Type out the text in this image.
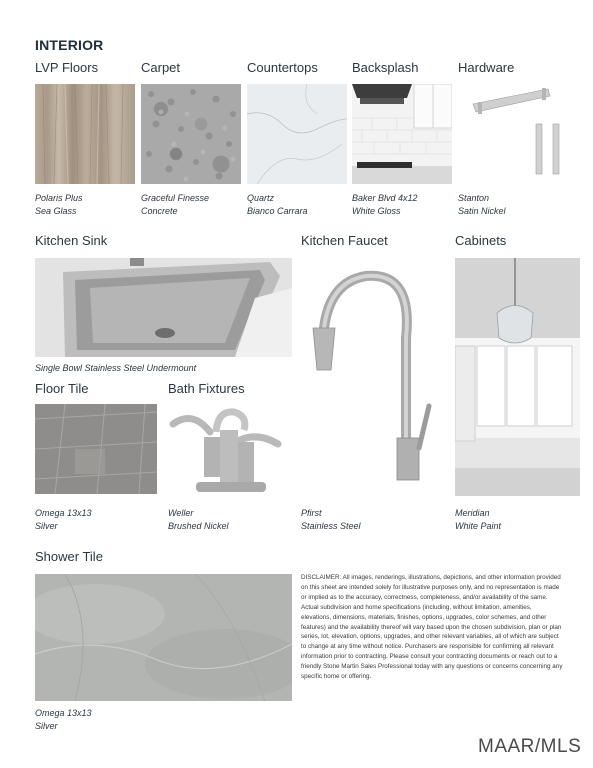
INTERIOR
LVP Floors	Carpet	Countertops	Backsplash	Hardware
Polaris Plus
Sea Glass
Graceful Finesse
Concrete
Quartz
Bianco Carrara
Baker Blvd 4x12
White Gloss
Stanton
Satin Nickel
Kitchen Sink	Kitchen Faucet	Cabinets
Single Bowl Stainless Steel Undermount
Floor Tile	Bath Fixtures
Omega 13x13
Silver
Weller
Brushed Nickel
Pfirst
Stainless Steel
Meridian
White Paint
Shower Tile
Omega 13x13
Silver
DISCLAIMER: All images, renderings, illustrations, depictions, and other information provided on this sheet are intended solely for illustrative purposes only, and no representation is made or implied as to the accuracy, correctness, completeness, and/or availability of the same. Actual subdivision and home specifications (including, without limitation, amenities, elevations, dimensions, materials, finishes, options, upgrades, color schemes, and other features) and the availability thereof will vary based upon the chosen subdivision, plan or plan series, lot, elevation, options, upgrades, and other relevant variables, all of which are subject to change at any time without notice. Purchasers are responsible for confirming all relevant information prior to contracting. Please consult your contracting documents or reach out to a friendly Stone Martin Sales Professional today with any questions or concerns concerning any specific home or offering.
MAAR/MLS
